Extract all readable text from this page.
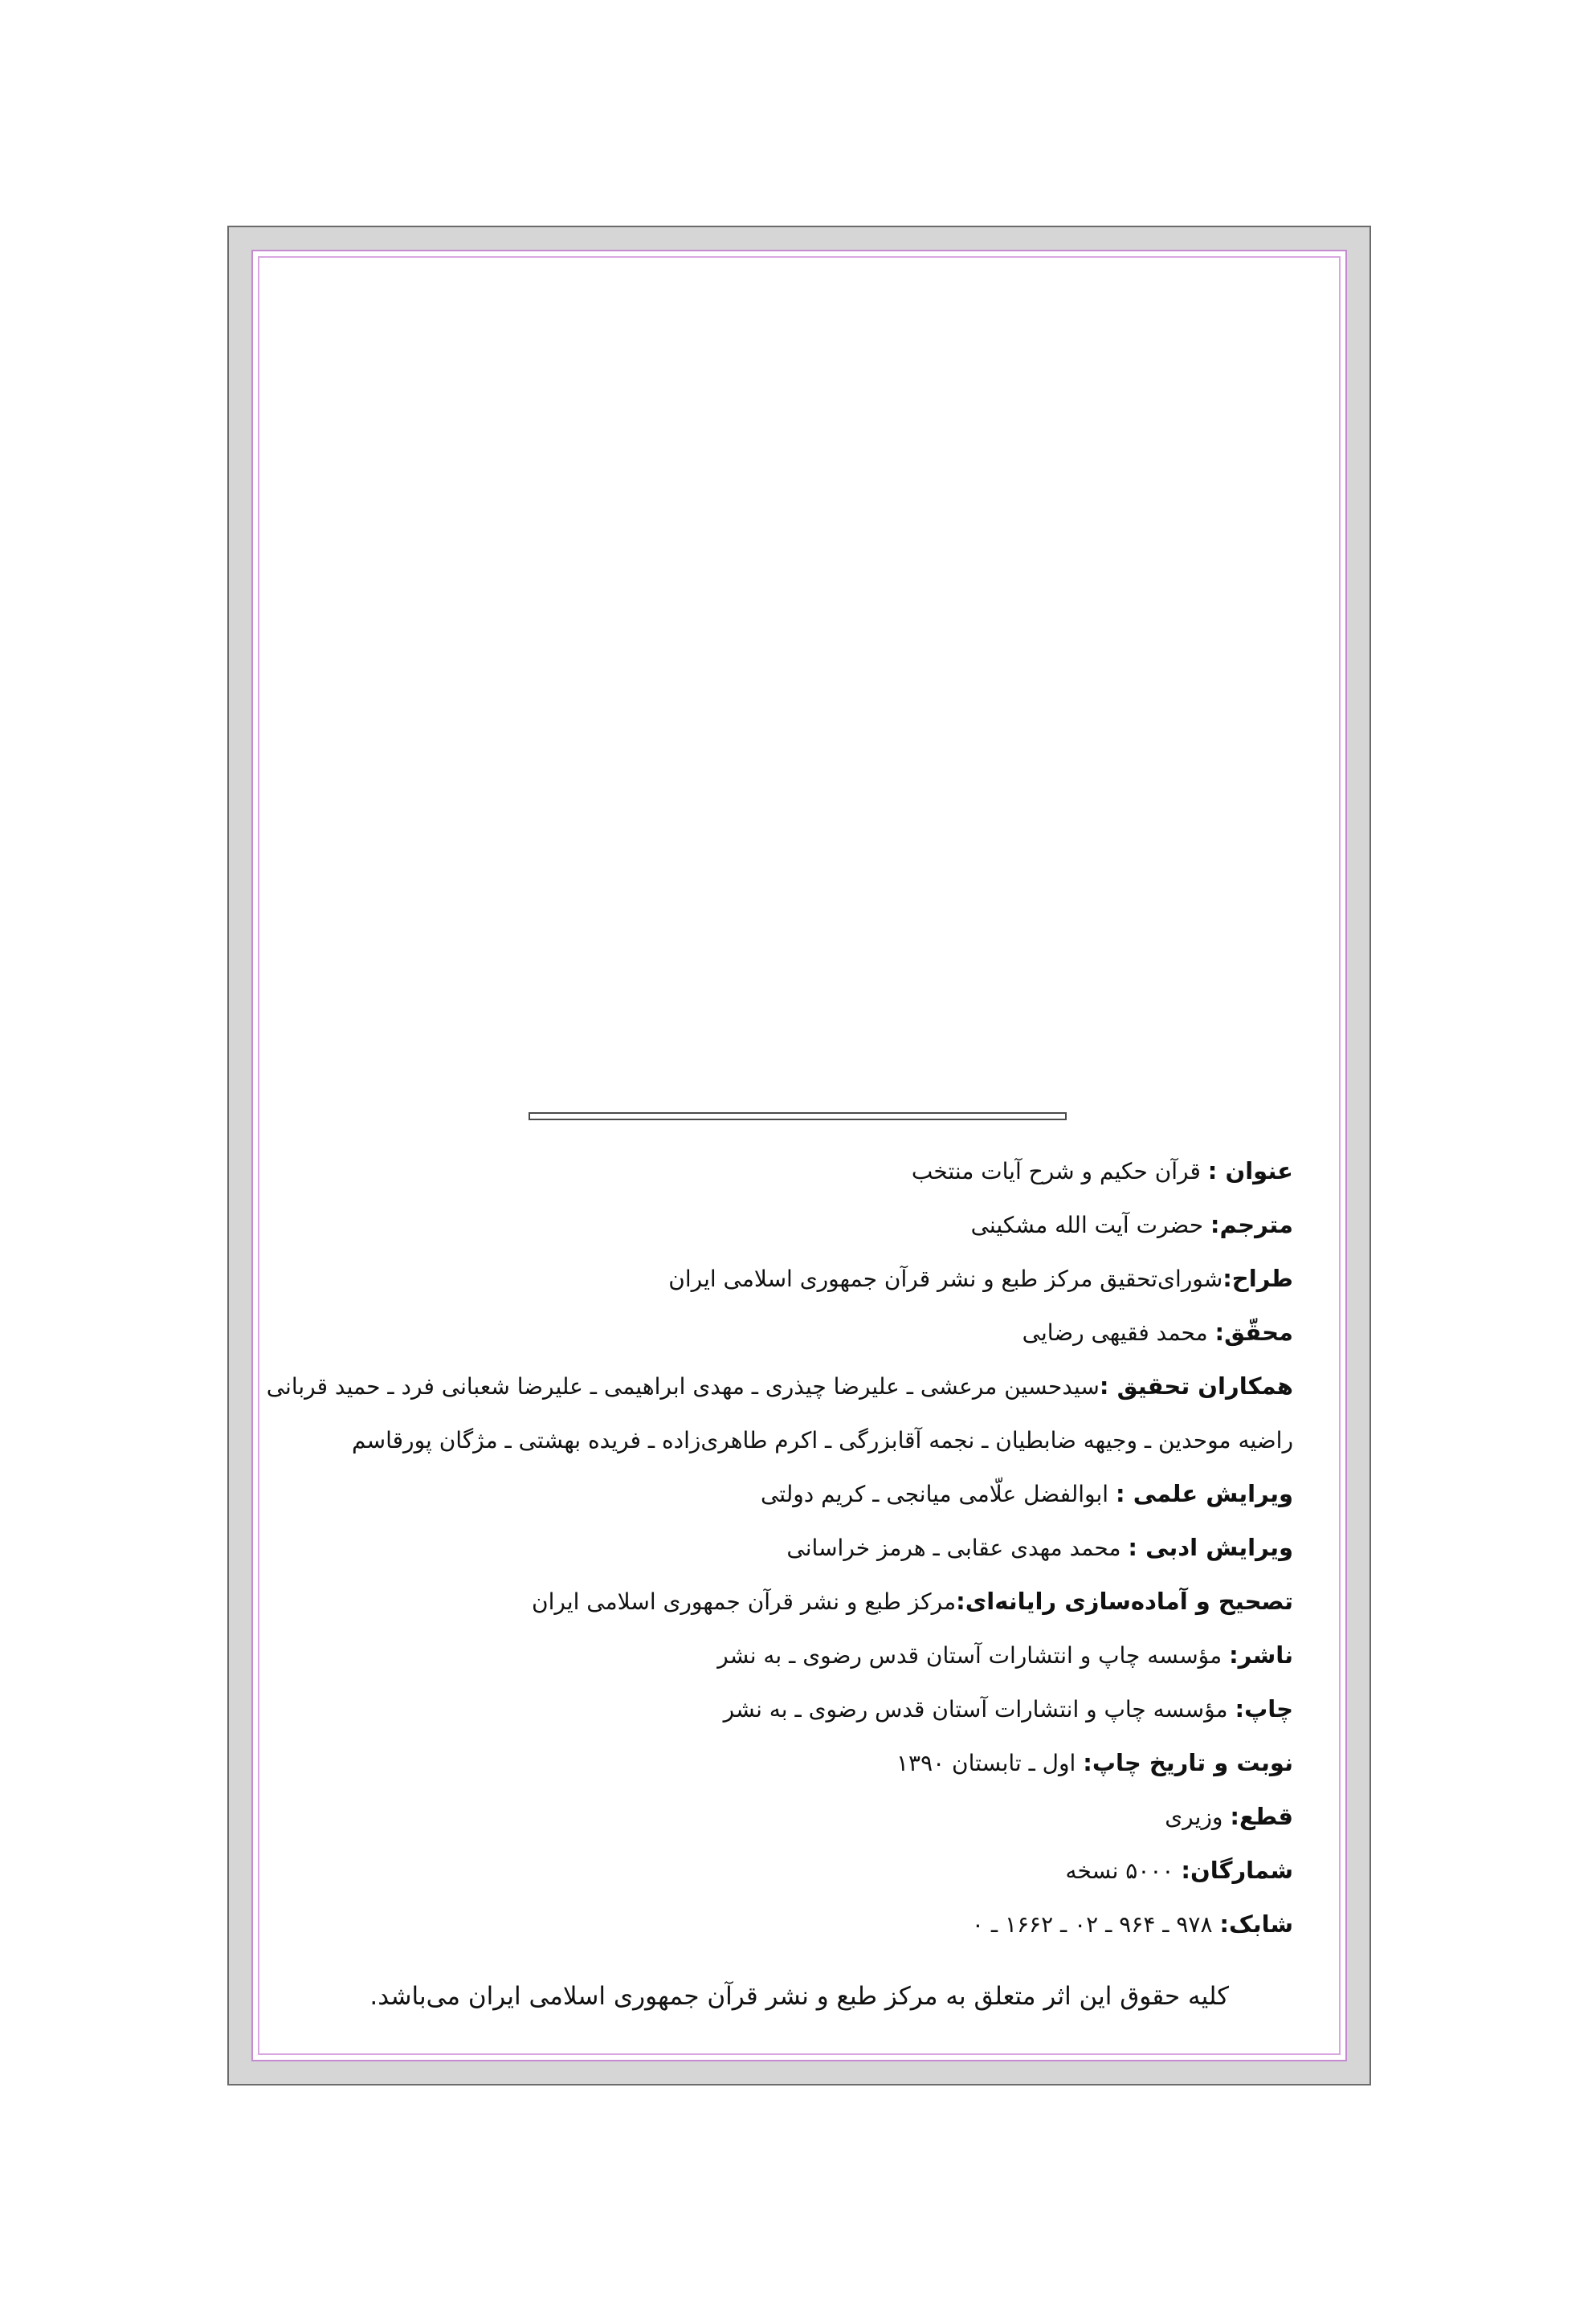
عنوان : قرآن حکیم و شرح آیات منتخب
مترجم: حضرت آیت الله مشکینی
طراح:شورای‌تحقیق مرکز طبع و نشر قرآن جمهوری اسلامی ایران
محقّق: محمد فقیهی رضایی
همکاران تحقیق :سیدحسین مرعشی ـ علیرضا چیذری ـ مهدی ابراهیمی ـ علیرضا شعبانی فرد ـ حمید قربانی
راضیه موحدین ـ وجیهه ضابطیان ـ نجمه آقابزرگی ـ اکرم طاهری‌زاده ـ فریده بهشتی ـ مژگان پورقاسم
ویرایش علمی : ابوالفضل علّامی میانجی ـ کریم دولتی
ویرایش ادبی : محمد مهدی عقابی ـ هرمز خراسانی
تصحیح و آماده‌سازی رایانه‌ای:مرکز طبع و نشر قرآن جمهوری اسلامی ایران
ناشر: مؤسسه چاپ و انتشارات آستان قدس رضوی ـ به نشر
چاپ: مؤسسه چاپ و انتشارات آستان قدس رضوی ـ به نشر
نوبت و تاریخ چاپ: اول ـ تابستان ۱۳۹۰
قطع: وزیری
شمارگان: ۵۰۰۰ نسخه
شابک: ۹۷۸ ـ ۹۶۴ ـ ۰۲ ـ ۱۶۶۲ ـ ۰
کلیه حقوق این اثر متعلق به مرکز طبع و نشر قرآن جمهوری اسلامی ایران می‌باشد.
